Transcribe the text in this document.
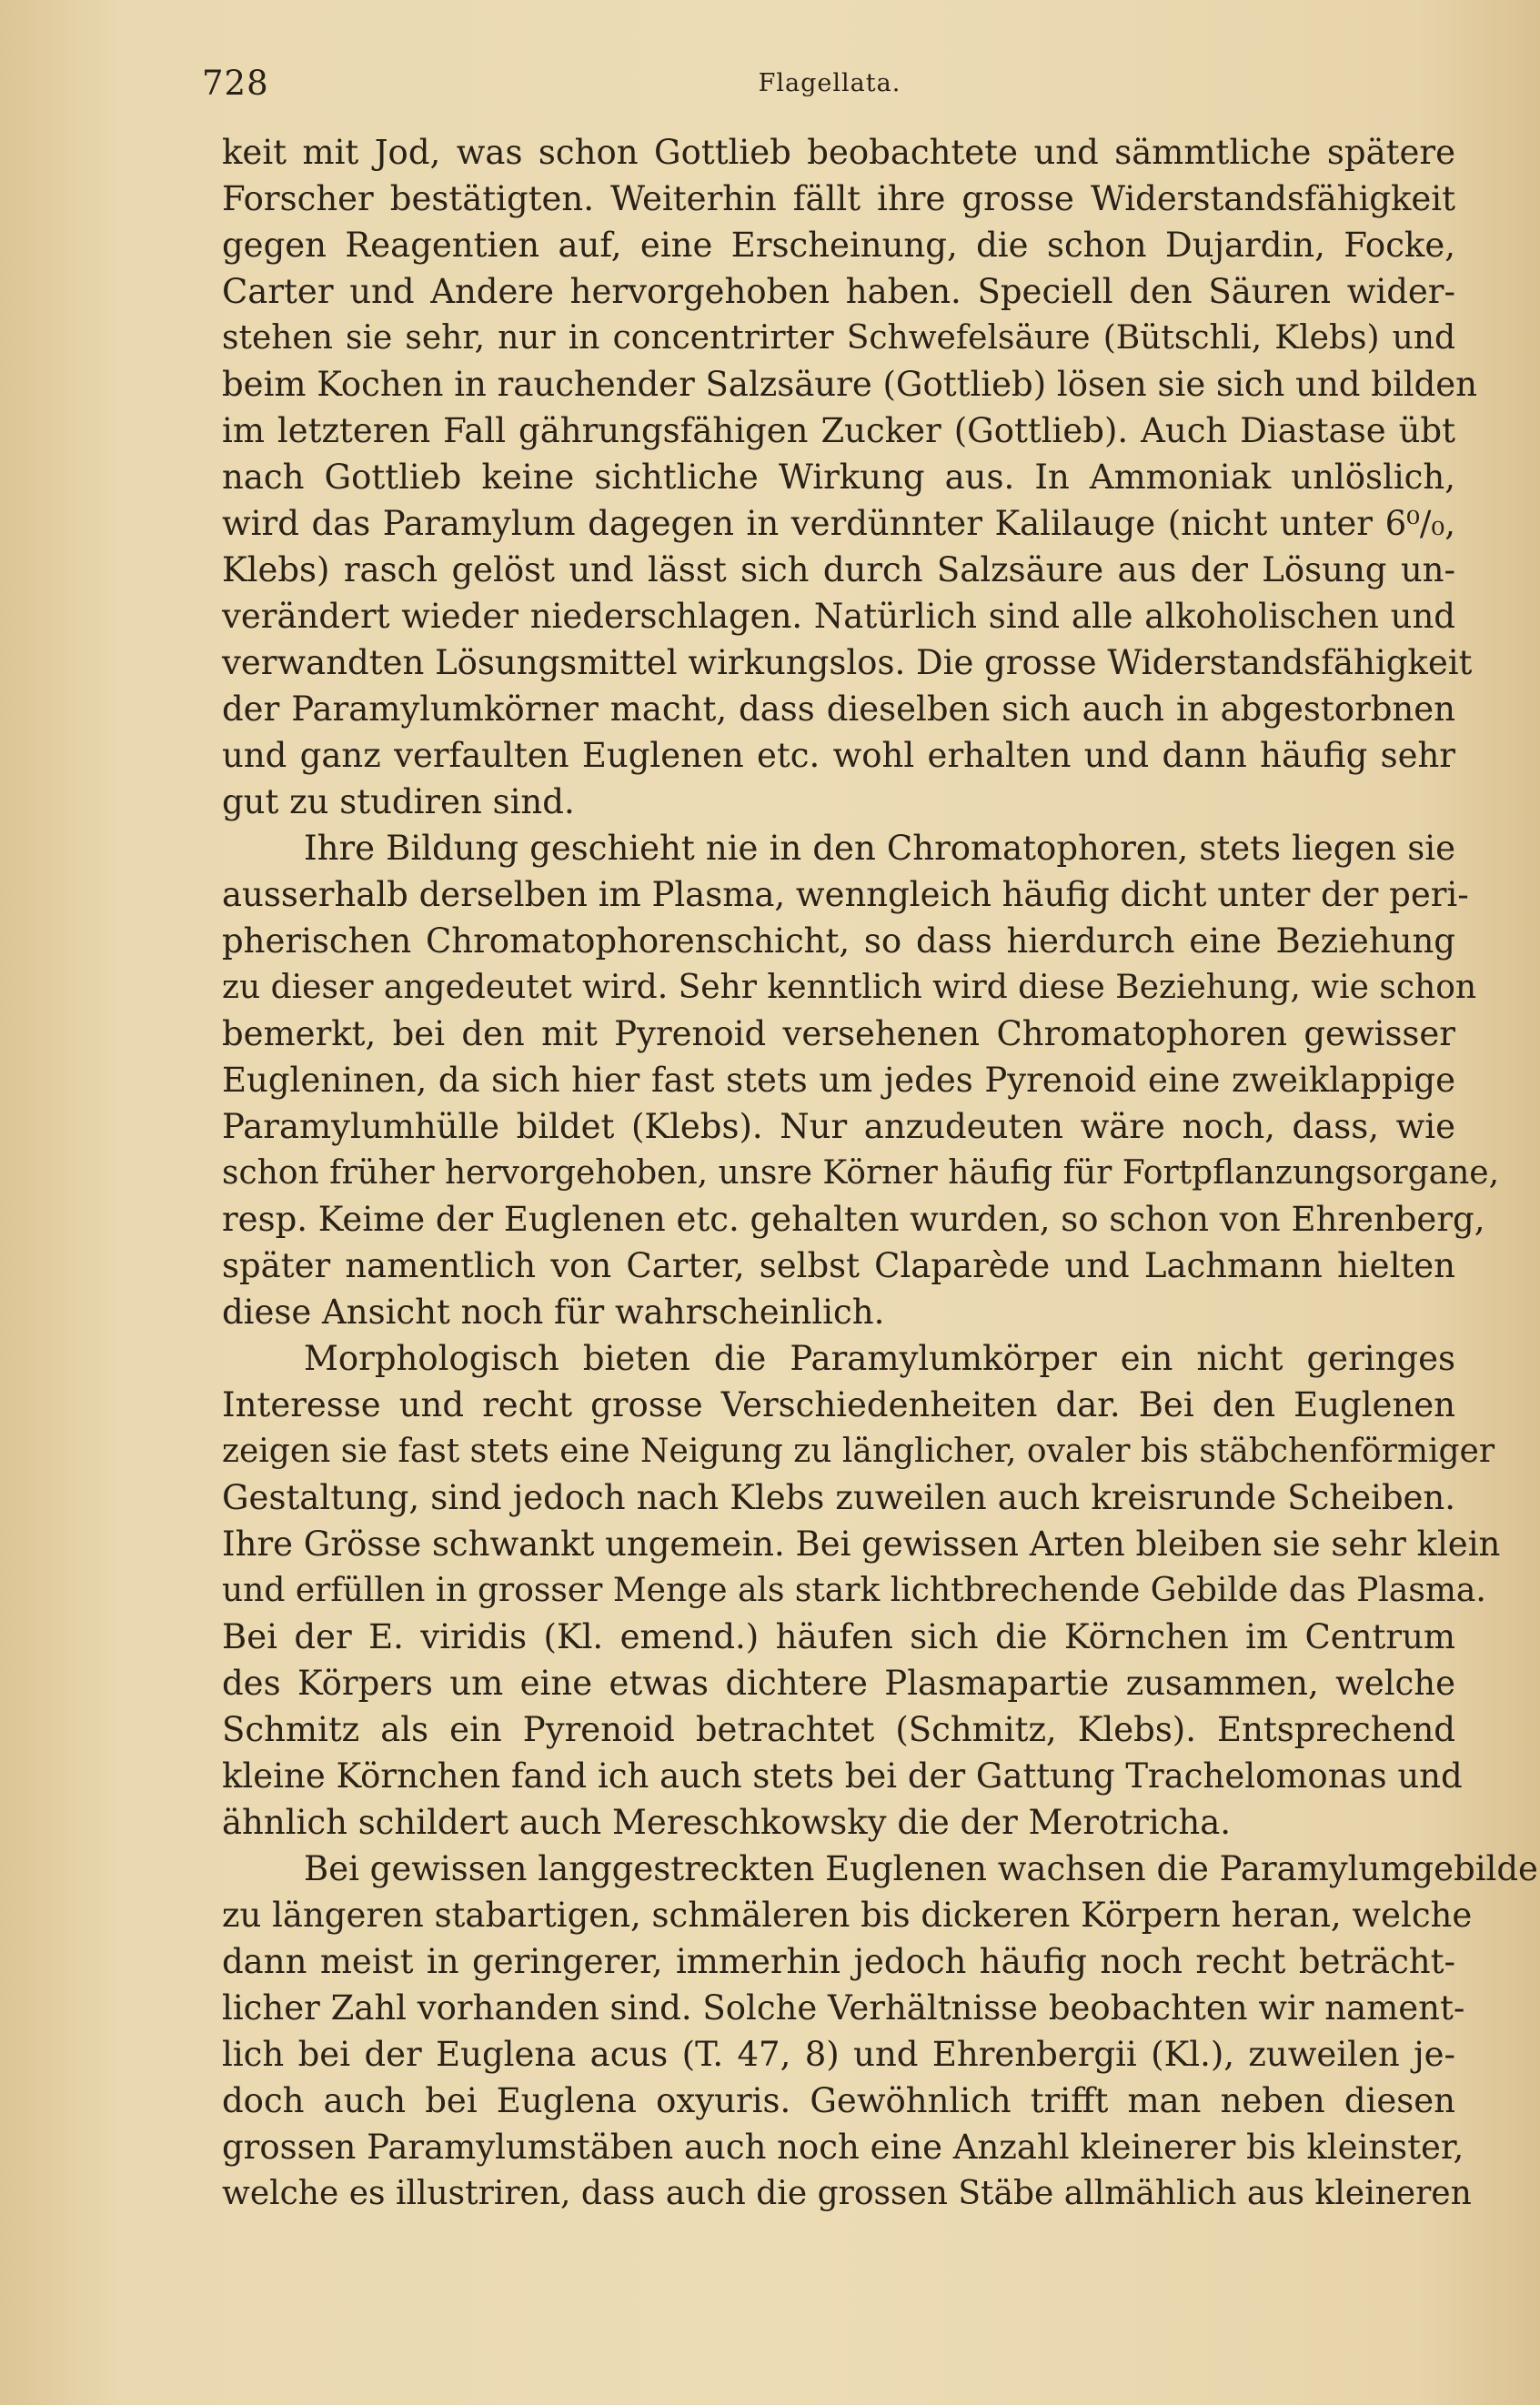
728	Flagellata.
keit mit Jod, was schon Gottlieb beobachtete und sämmtliche spätere
Forscher bestätigten. Weiterhin fällt ihre grosse Widerstandsfähigkeit
gegen Reagentien auf, eine Erscheinung, die schon Dujardin, Focke,
Carter und Andere hervorgehoben haben. Speciell den Säuren wider-
stehen sie sehr, nur in concentrirter Schwefelsäure (Bütschli, Klebs) und
beim Kochen in rauchender Salzsäure (Gottlieb) lösen sie sich und bilden
im letzteren Fall gährungsfähigen Zucker (Gottlieb). Auch Diastase übt
nach Gottlieb keine sichtliche Wirkung aus. In Ammoniak unlöslich,
wird das Paramylum dagegen in verdünnter Kalilauge (nicht unter 6⁰/₀,
Klebs) rasch gelöst und lässt sich durch Salzsäure aus der Lösung un-
verändert wieder niederschlagen. Natürlich sind alle alkoholischen und
verwandten Lösungsmittel wirkungslos. Die grosse Widerstandsfähigkeit
der Paramylumkörner macht, dass dieselben sich auch in abgestorbnen
und ganz verfaulten Euglenen etc. wohl erhalten und dann häufig sehr
gut zu studiren sind.
Ihre Bildung geschieht nie in den Chromatophoren, stets liegen sie
ausserhalb derselben im Plasma, wenngleich häufig dicht unter der peri-
pherischen Chromatophorenschicht, so dass hierdurch eine Beziehung
zu dieser angedeutet wird. Sehr kenntlich wird diese Beziehung, wie schon
bemerkt, bei den mit Pyrenoid versehenen Chromatophoren gewisser
Eugleninen, da sich hier fast stets um jedes Pyrenoid eine zweiklappige
Paramylumhülle bildet (Klebs). Nur anzudeuten wäre noch, dass, wie
schon früher hervorgehoben, unsre Körner häufig für Fortpflanzungsorgane,
resp. Keime der Euglenen etc. gehalten wurden, so schon von Ehrenberg,
später namentlich von Carter, selbst Claparède und Lachmann hielten
diese Ansicht noch für wahrscheinlich.
Morphologisch bieten die Paramylumkörper ein nicht geringes
Interesse und recht grosse Verschiedenheiten dar. Bei den Euglenen
zeigen sie fast stets eine Neigung zu länglicher, ovaler bis stäbchenförmiger
Gestaltung, sind jedoch nach Klebs zuweilen auch kreisrunde Scheiben.
Ihre Grösse schwankt ungemein. Bei gewissen Arten bleiben sie sehr klein
und erfüllen in grosser Menge als stark lichtbrechende Gebilde das Plasma.
Bei der E. viridis (Kl. emend.) häufen sich die Körnchen im Centrum
des Körpers um eine etwas dichtere Plasmapartie zusammen, welche
Schmitz als ein Pyrenoid betrachtet (Schmitz, Klebs). Entsprechend
kleine Körnchen fand ich auch stets bei der Gattung Trachelomonas und
ähnlich schildert auch Mereschkowsky die der Merotricha.
Bei gewissen langgestreckten Euglenen wachsen die Paramylumgebilde
zu längeren stabartigen, schmäleren bis dickeren Körpern heran, welche
dann meist in geringerer, immerhin jedoch häufig noch recht beträcht-
licher Zahl vorhanden sind. Solche Verhältnisse beobachten wir nament-
lich bei der Euglena acus (T. 47, 8) und Ehrenbergii (Kl.), zuweilen je-
doch auch bei Euglena oxyuris. Gewöhnlich trifft man neben diesen
grossen Paramylumstäben auch noch eine Anzahl kleinerer bis kleinster,
welche es illustriren, dass auch die grossen Stäbe allmählich aus kleineren
